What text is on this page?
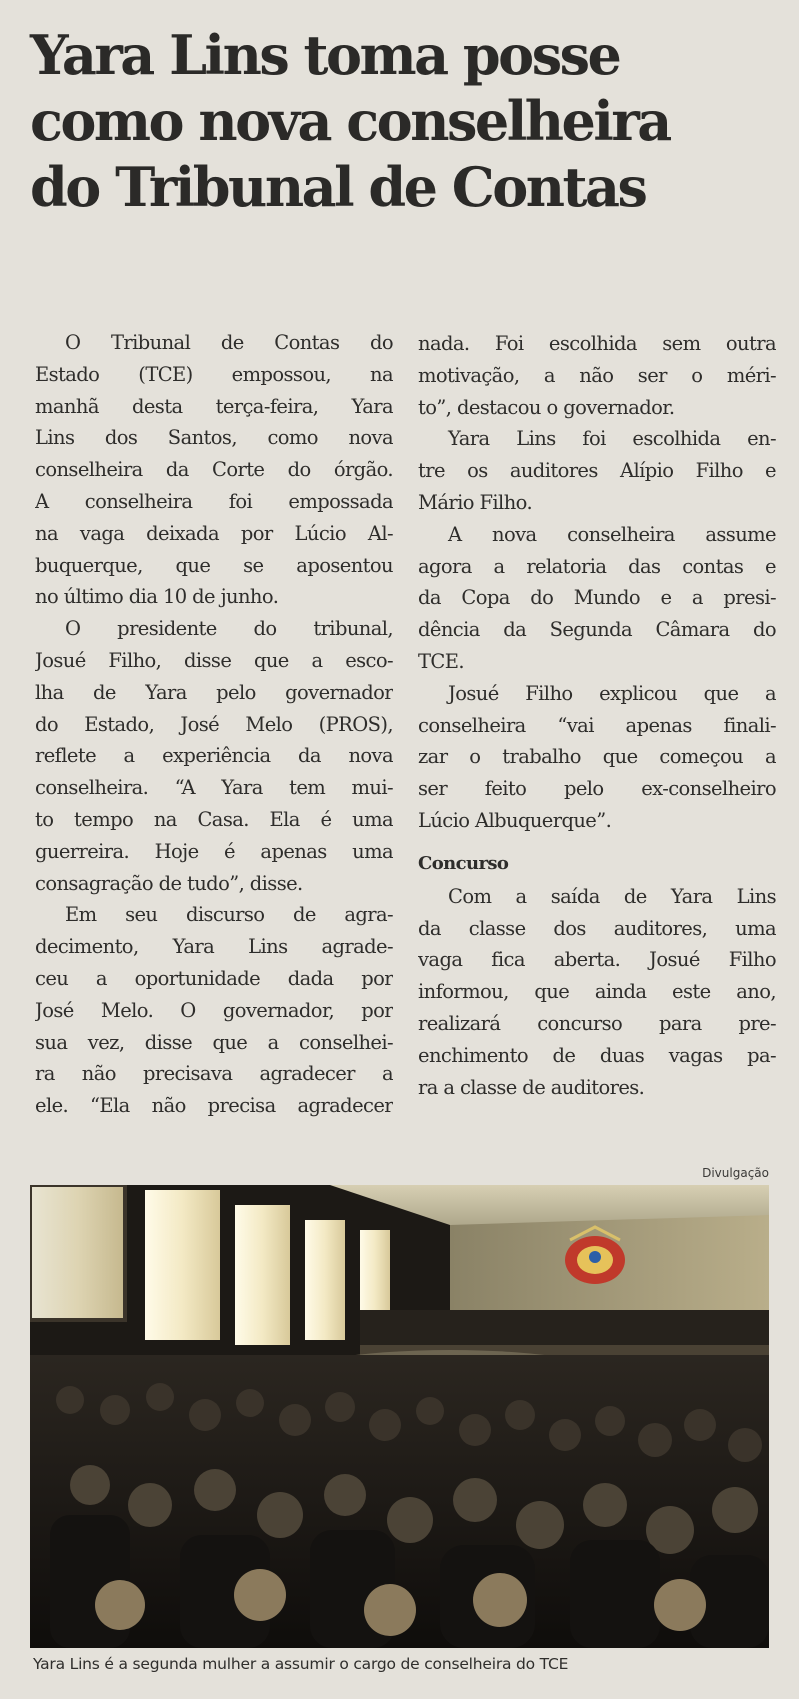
Yara Lins toma posse
como nova conselheira
do Tribunal de Contas
O Tribunal de Contas do
Estado (TCE) empossou, na
manhã desta terça-feira, Yara
Lins dos Santos, como nova
conselheira da Corte do órgão.
A conselheira foi empossada
na vaga deixada por Lúcio Al-
buquerque, que se aposentou
no último dia 10 de junho.
O presidente do tribunal,
Josué Filho, disse que a esco-
lha de Yara pelo governador
do Estado, José Melo (PROS),
reflete a experiência da nova
conselheira. “A Yara tem mui-
to tempo na Casa. Ela é uma
guerreira. Hoje é apenas uma
consagração de tudo”, disse.
Em seu discurso de agra-
decimento, Yara Lins agrade-
ceu a oportunidade dada por
José Melo. O governador, por
sua vez, disse que a conselhei-
ra não precisava agradecer a
ele. “Ela não precisa agradecer
nada. Foi escolhida sem outra
motivação, a não ser o méri-
to”, destacou o governador.
Yara Lins foi escolhida en-
tre os auditores Alípio Filho e
Mário Filho.
A nova conselheira assume
agora a relatoria das contas e
da Copa do Mundo e a presi-
dência da Segunda Câmara do
TCE.
Josué Filho explicou que a
conselheira “vai apenas finali-
zar o trabalho que começou a
ser feito pelo ex-conselheiro
Lúcio Albuquerque”.
Concurso
Com a saída de Yara Lins
da classe dos auditores, uma
vaga fica aberta. Josué Filho
informou, que ainda este ano,
realizará concurso para pre-
enchimento de duas vagas pa-
ra a classe de auditores.
Divulgação
Yara Lins é a segunda mulher a assumir o cargo de conselheira do TCE
